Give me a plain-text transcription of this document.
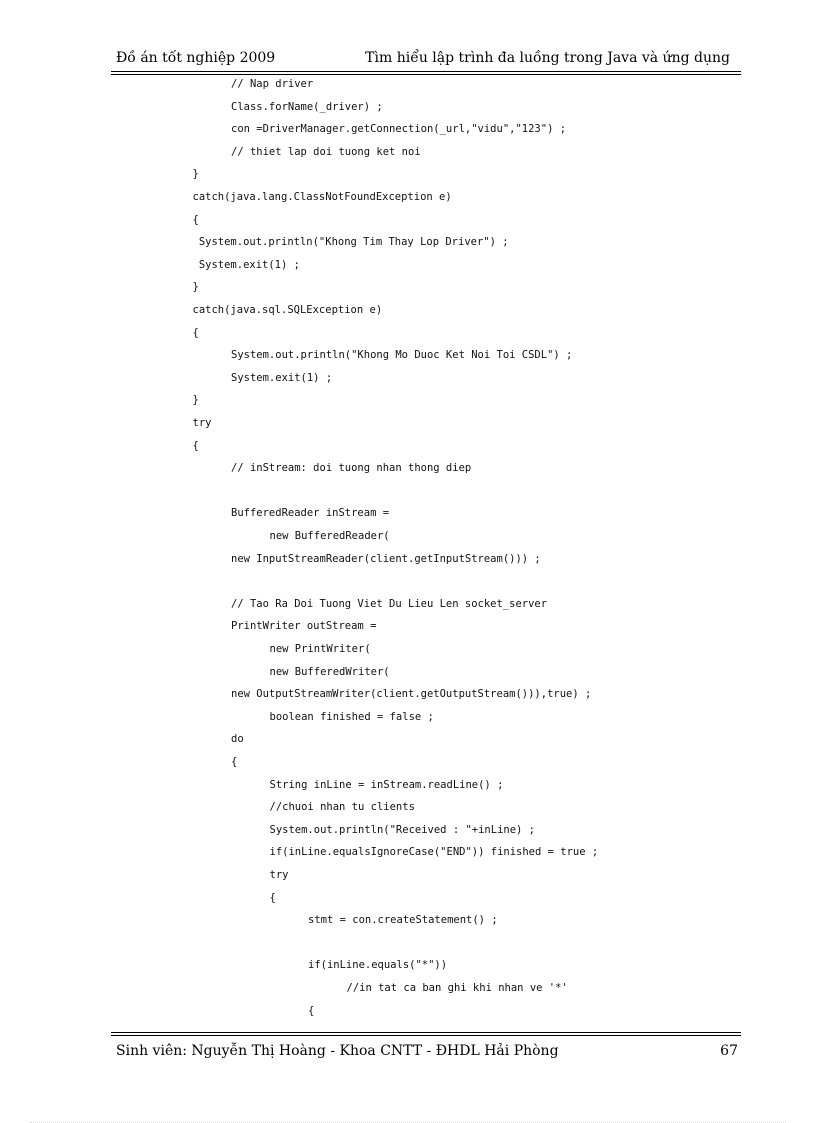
Đồ án tốt nghiệp 2009	Tìm hiểu lập trình đa luồng trong Java và ứng dụng
// Nap driver
Class.forName(_driver) ;
con =DriverManager.getConnection(_url,"vidu","123") ;
// thiet lap doi tuong ket noi
}
catch(java.lang.ClassNotFoundException e)
{
System.out.println("Khong Tim Thay Lop Driver") ;
System.exit(1) ;
}
catch(java.sql.SQLException e)
{
System.out.println("Khong Mo Duoc Ket Noi Toi CSDL") ;
System.exit(1) ;
}
try
{
// inStream: doi tuong nhan thong diep
BufferedReader inStream =
new BufferedReader(
new InputStreamReader(client.getInputStream())) ;
// Tao Ra Doi Tuong Viet Du Lieu Len socket_server
PrintWriter outStream =
new PrintWriter(
new BufferedWriter(
new OutputStreamWriter(client.getOutputStream())),true) ;
boolean finished = false ;
do
{
String inLine = inStream.readLine() ;
//chuoi nhan tu clients
System.out.println("Received : "+inLine) ;
if(inLine.equalsIgnoreCase("END")) finished = true ;
try
{
stmt = con.createStatement() ;
if(inLine.equals("*"))
//in tat ca ban ghi khi nhan ve '*'
{
Sinh viên: Nguyễn Thị Hoàng - Khoa CNTT - ĐHDL Hải Phòng	67
